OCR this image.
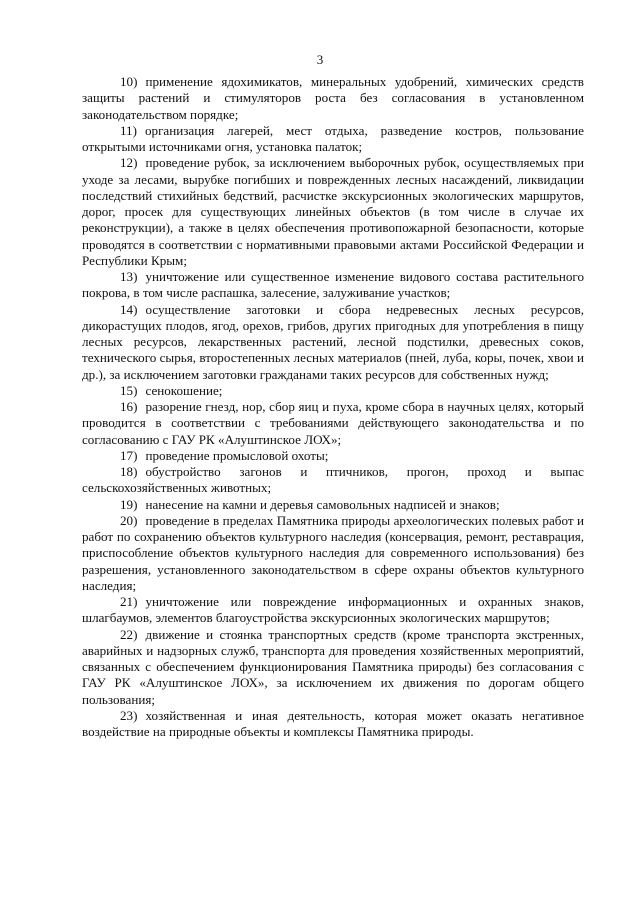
3

10) применение ядохимикатов, минеральных удобрений, химических средств защиты растений и стимуляторов роста без согласования в установленном законодательством порядке;

11) организация лагерей, мест отдыха, разведение костров, пользование открытыми источниками огня, установка палаток;

12) проведение рубок, за исключением выборочных рубок, осуществляемых при уходе за лесами, вырубке погибших и поврежденных лесных насаждений, ликвидации последствий стихийных бедствий, расчистке экскурсионных экологических маршрутов, дорог, просек для существующих линейных объектов (в том числе в случае их реконструкции), а также в целях обеспечения противопожарной безопасности, которые проводятся в соответствии с нормативными правовыми актами Российской Федерации и Республики Крым;

13) уничтожение или существенное изменение видового состава растительного покрова, в том числе распашка, залесение, залуживание участков;

14) осуществление заготовки и сбора недревесных лесных ресурсов, дикорастущих плодов, ягод, орехов, грибов, других пригодных для употребления в пищу лесных ресурсов, лекарственных растений, лесной подстилки, древесных соков, технического сырья, второстепенных лесных материалов (пней, луба, коры, почек, хвои и др.), за исключением заготовки гражданами таких ресурсов для собственных нужд;

15) сенокошение;

16) разорение гнезд, нор, сбор яиц и пуха, кроме сбора в научных целях, который проводится в соответствии с требованиями действующего законодательства и по согласованию с ГАУ РК «Алуштинское ЛОХ»;

17) проведение промысловой охоты;

18) обустройство загонов и птичников, прогон, проход и выпас сельскохозяйственных животных;

19) нанесение на камни и деревья самовольных надписей и знаков;

20) проведение в пределах Памятника природы археологических полевых работ и работ по сохранению объектов культурного наследия (консервация, ремонт, реставрация, приспособление объектов культурного наследия для современного использования) без разрешения, установленного законодательством в сфере охраны объектов культурного наследия;

21) уничтожение или повреждение информационных и охранных знаков, шлагбаумов, элементов благоустройства экскурсионных экологических маршрутов;

22) движение и стоянка транспортных средств (кроме транспорта экстренных, аварийных и надзорных служб, транспорта для проведения хозяйственных мероприятий, связанных с обеспечением функционирования Памятника природы) без согласования с ГАУ РК «Алуштинское ЛОХ», за исключением их движения по дорогам общего пользования;

23) хозяйственная и иная деятельность, которая может оказать негативное воздействие на природные объекты и комплексы Памятника природы.
